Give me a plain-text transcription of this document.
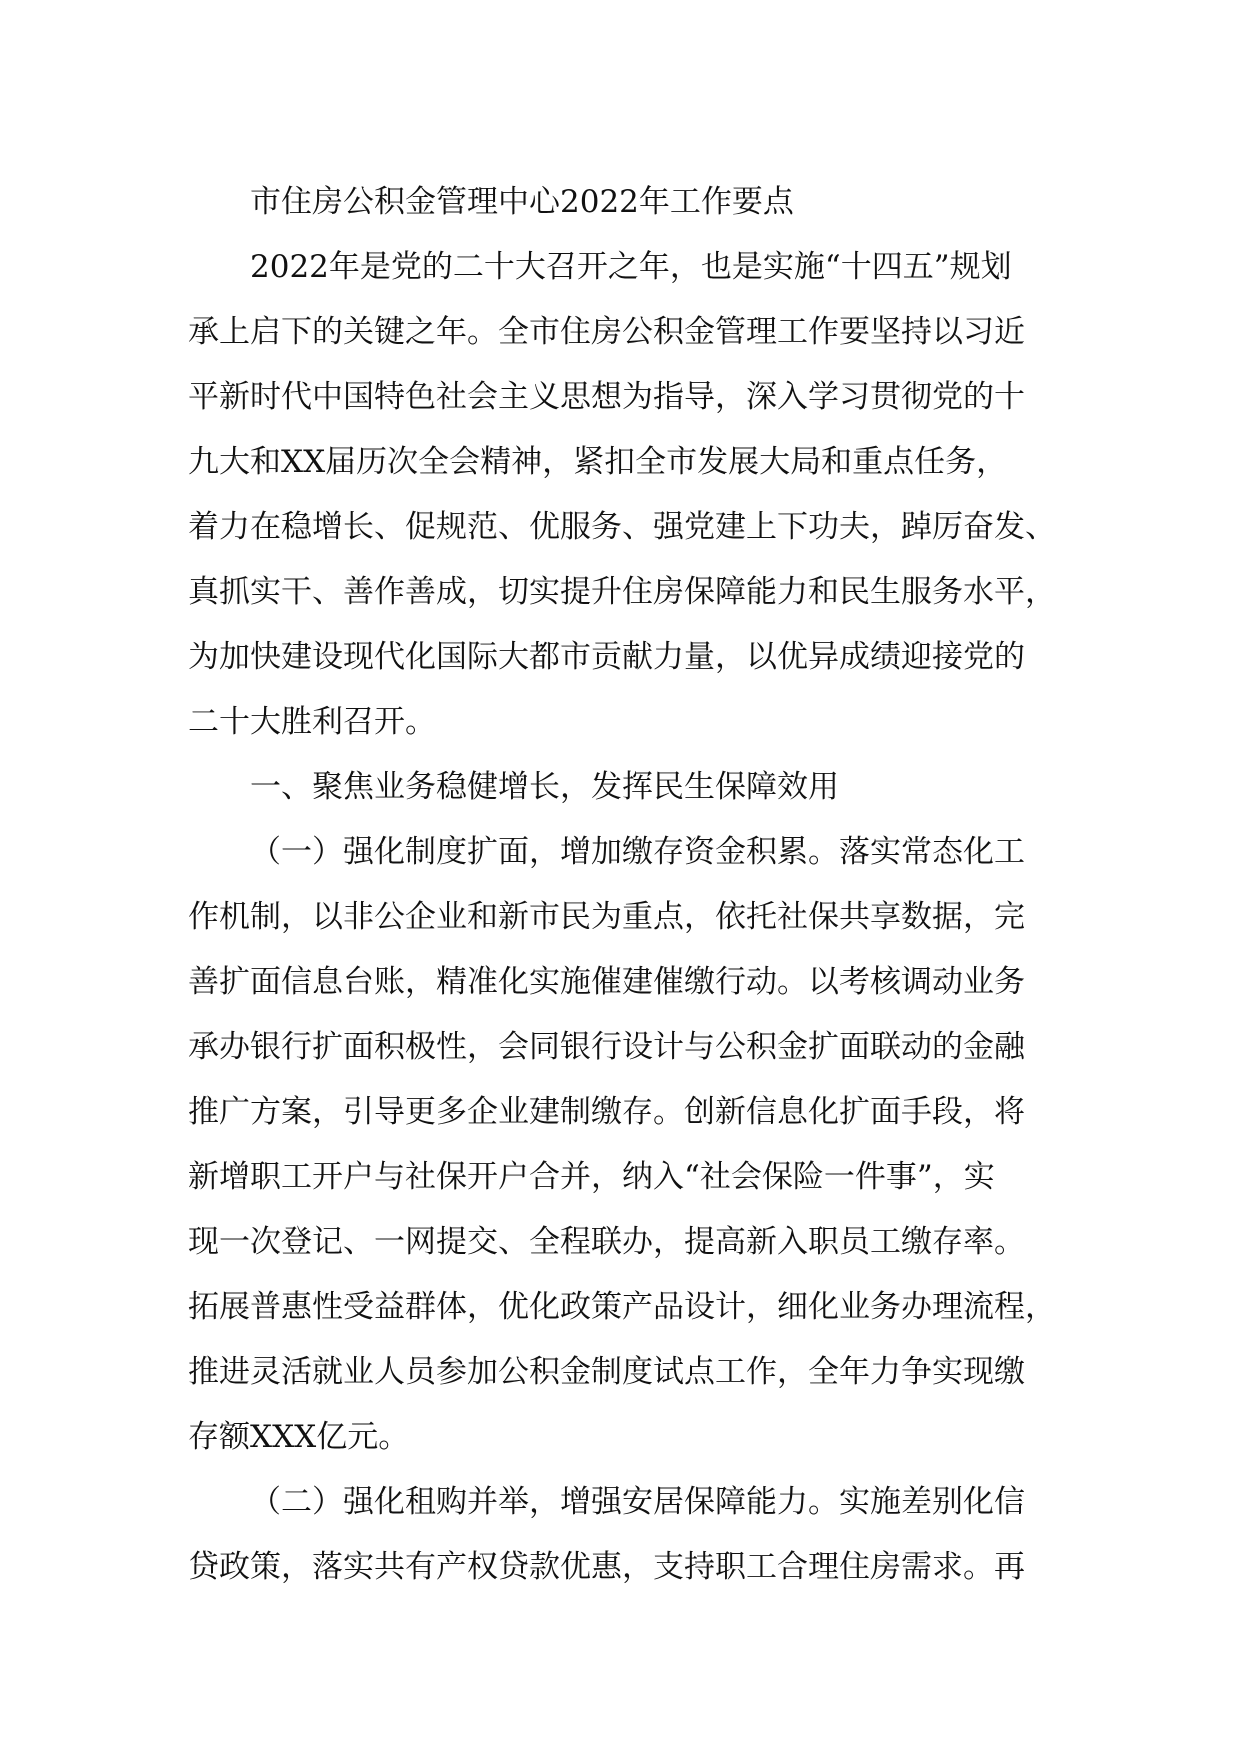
市住房公积金管理中心2022年工作要点
2022年是党的二十大召开之年，也是实施“十四五”规划
承上启下的关键之年。全市住房公积金管理工作要坚持以习近
平新时代中国特色社会主义思想为指导，深入学习贯彻党的十
九大和XX届历次全会精神，紧扣全市发展大局和重点任务，
着力在稳增长、促规范、优服务、强党建上下功夫，踔厉奋发、
真抓实干、善作善成，切实提升住房保障能力和民生服务水平，
为加快建设现代化国际大都市贡献力量，以优异成绩迎接党的
二十大胜利召开。
一、聚焦业务稳健增长，发挥民生保障效用
（一）强化制度扩面，增加缴存资金积累。落实常态化工
作机制，以非公企业和新市民为重点，依托社保共享数据，完
善扩面信息台账，精准化实施催建催缴行动。以考核调动业务
承办银行扩面积极性，会同银行设计与公积金扩面联动的金融
推广方案，引导更多企业建制缴存。创新信息化扩面手段，将
新增职工开户与社保开户合并，纳入“社会保险一件事”，实
现一次登记、一网提交、全程联办，提高新入职员工缴存率。
拓展普惠性受益群体，优化政策产品设计，细化业务办理流程，
推进灵活就业人员参加公积金制度试点工作，全年力争实现缴
存额XXX亿元。
（二）强化租购并举，增强安居保障能力。实施差别化信
贷政策，落实共有产权贷款优惠，支持职工合理住房需求。再
